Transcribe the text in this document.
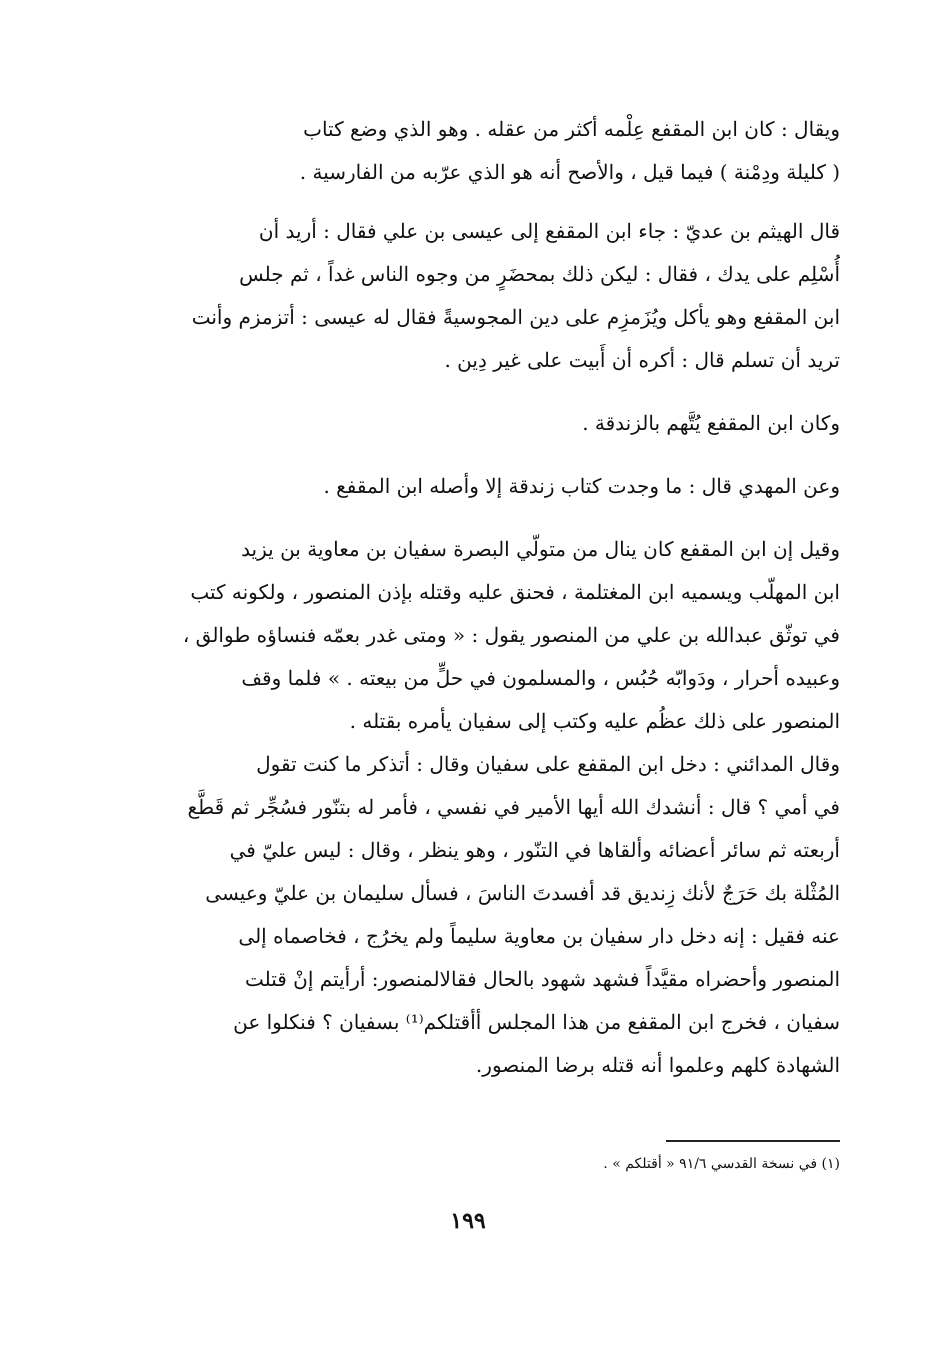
ويقال : كان ابن المقفع عِلْمه أكثر من عقله . وهو الذي وضع كتاب
( كليلة ودِمْنة ) فيما قيل ، والأصح أنه هو الذي عرّبه من الفارسية .

قال الهيثم بن عديّ : جاء ابن المقفع إلى عيسى بن علي فقال : أريد أن
أُسْلِم على يدك ، فقال : ليكن ذلك بمحضَرٍ من وجوه الناس غداً ، ثم جلس
ابن المقفع وهو يأكل ويُزَمزِم على دين المجوسيةً فقال له عيسى : أتزمزم وأنت
تريد أن تسلم قال : أكره أن أَبيت على غير دِين .

وكان ابن المقفع يُتَّهم بالزندقة .

وعن المهدي قال : ما وجدت كتاب زندقة إلا وأصله ابن المقفع .

وقيل إن ابن المقفع كان ينال من متولّي البصرة سفيان بن معاوية بن يزيد
ابن المهلّب ويسميه ابن المغتلمة ، فحنق عليه وقتله بإذن المنصور ، ولكونه كتب
في توثّق عبدالله بن علي من المنصور يقول : « ومتى غدر بعمّه فنساؤه طوالق ،
وعبيده أحرار ، ودَوابّه حُبُس ، والمسلمون في حلٍّ من بيعته . » فلما وقف
المنصور على ذلك عظُم عليه وكتب إلى سفيان يأمره بقتله .

وقال المدائني : دخل ابن المقفع على سفيان وقال : أتذكر ما كنت تقول
في أمي ؟ قال : أنشدك الله أيها الأمير في نفسي ، فأمر له بتنّور فسُجِّر ثم قَطَّع
أربعته ثم سائر أعضائه وألقاها في التنّور ، وهو ينظر ، وقال : ليس عليّ في
المُثْلة بك حَرَجٌ لأنك زِنديق قد أفسدتَ الناسَ ، فسأل سليمان بن عليّ وعيسى
عنه فقيل : إنه دخل دار سفيان بن معاوية سليماً ولم يخرُج ، فخاصماه إلى
المنصور وأحضراه مقيَّداً فشهد شهود بالحال فقالالمنصور: أرأيتم إنْ قتلت
سفيان ، فخرج ابن المقفع من هذا المجلس أأقتلكم⁽¹⁾ بسفيان ؟ فنكلوا عن
الشهادة كلهم وعلموا أنه قتله برضا المنصور.

(١) في نسخة القدسي ٩١/٦ « أقتلكم » .
١٩٩
